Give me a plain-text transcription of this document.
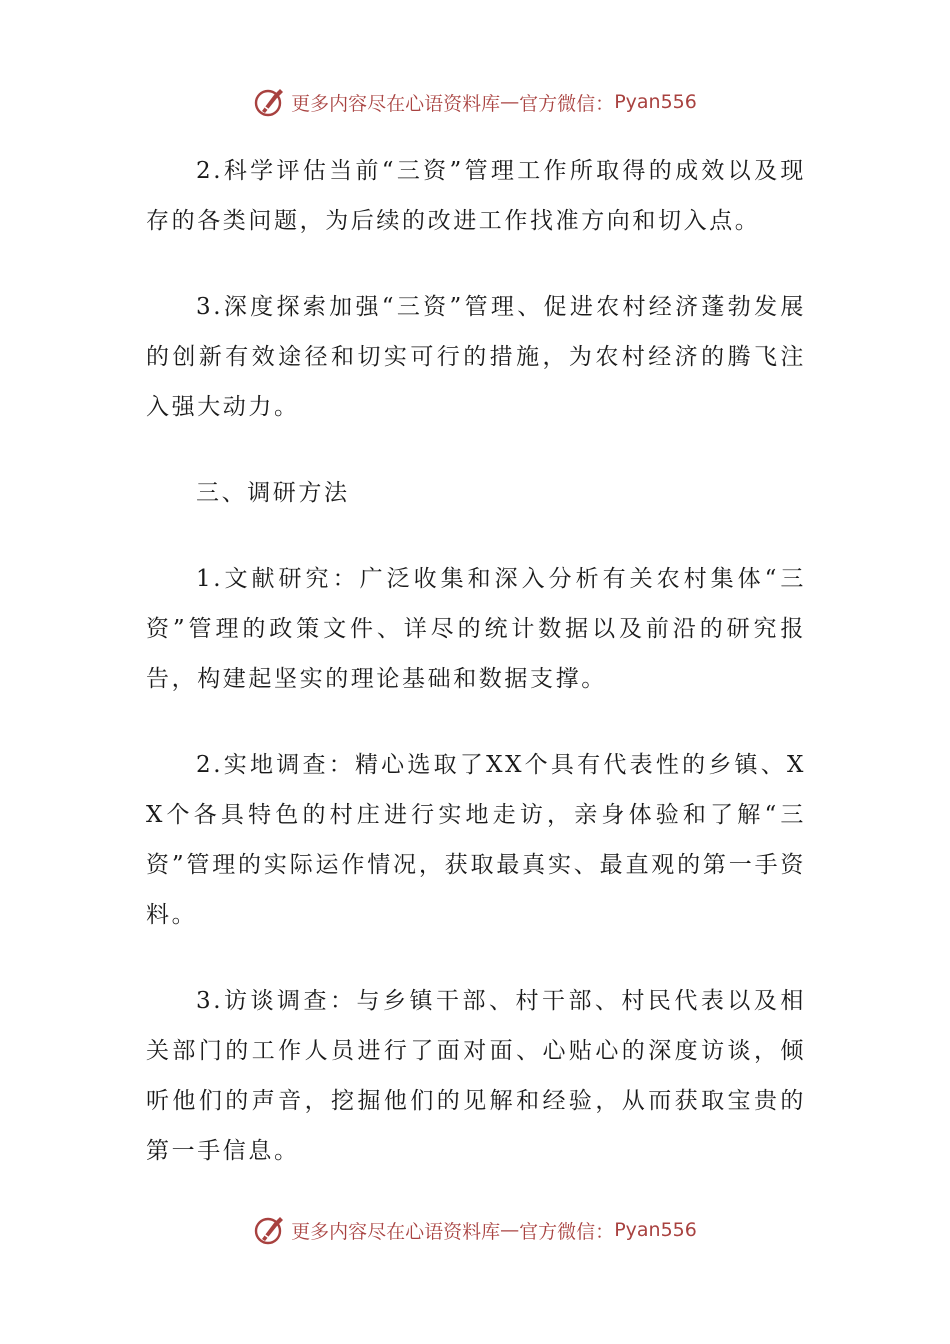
更多内容尽在心语资料库 — 官方微信： Pyan556

2.科学评估当前“三资”管理工作所取得的成效以及现存的各类问题，为后续的改进工作找准方向和切入点。

3.深度探索加强“三资”管理、促进农村经济蓬勃发展的创新有效途径和切实可行的措施，为农村经济的腾飞注入强大动力。

三、调研方法

1.文献研究：广泛收集和深入分析有关农村集体“三资”管理的政策文件、详尽的统计数据以及前沿的研究报告，构建起坚实的理论基础和数据支撑。

2.实地调查：精心选取了XX个具有代表性的乡镇、XX个各具特色的村庄进行实地走访，亲身体验和了解“三资”管理的实际运作情况，获取最真实、最直观的第一手资料。

3.访谈调查：与乡镇干部、村干部、村民代表以及相关部门的工作人员进行了面对面、心贴心的深度访谈，倾听他们的声音，挖掘他们的见解和经验，从而获取宝贵的第一手信息。

更多内容尽在心语资料库 — 官方微信： Pyan556
